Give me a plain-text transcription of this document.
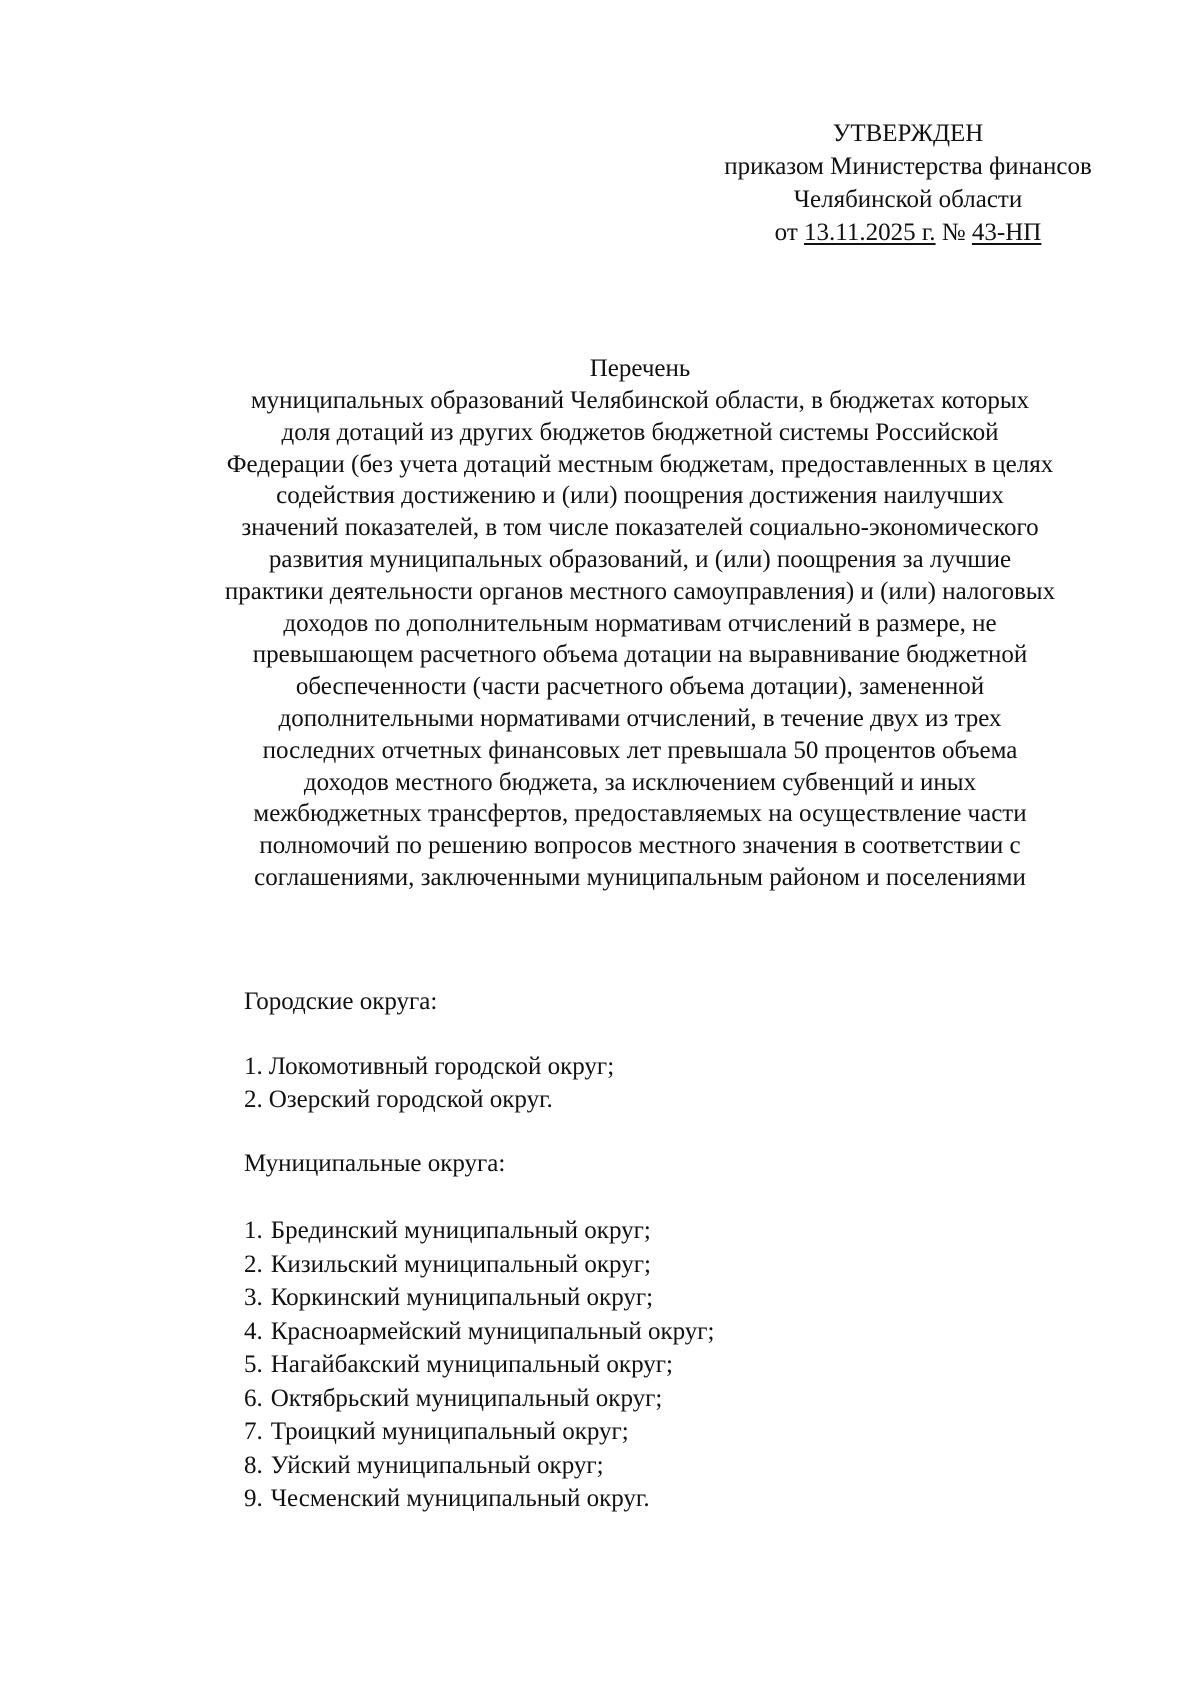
УТВЕРЖДЕН
приказом Министерства финансов
Челябинской области
от 13.11.2025 г. № 43-НП
Перечень
муниципальных образований Челябинской области, в бюджетах которых
доля дотаций из других бюджетов бюджетной системы Российской
Федерации (без учета дотаций местным бюджетам, предоставленных в целях
содействия достижению и (или) поощрения достижения наилучших
значений показателей, в том числе показателей социально-экономического
развития муниципальных образований, и (или) поощрения за лучшие
практики деятельности органов местного самоуправления) и (или) налоговых
доходов по дополнительным нормативам отчислений в размере, не
превышающем расчетного объема дотации на выравнивание бюджетной
обеспеченности (части расчетного объема дотации), замененной
дополнительными нормативами отчислений, в течение двух из трех
последних отчетных финансовых лет превышала 50 процентов объема
доходов местного бюджета, за исключением субвенций и иных
межбюджетных трансфертов, предоставляемых на осуществление части
полномочий по решению вопросов местного значения в соответствии с
соглашениями, заключенными муниципальным районом и поселениями
Городские округа:
1. Локомотивный городской округ;
2. Озерский городской округ.
Муниципальные округа:
1. Брединский муниципальный округ;
2. Кизильский муниципальный округ;
3. Коркинский муниципальный округ;
4. Красноармейский муниципальный округ;
5. Нагайбакский муниципальный округ;
6. Октябрьский муниципальный округ;
7. Троицкий муниципальный округ;
8. Уйский муниципальный округ;
9. Чесменский муниципальный округ.
